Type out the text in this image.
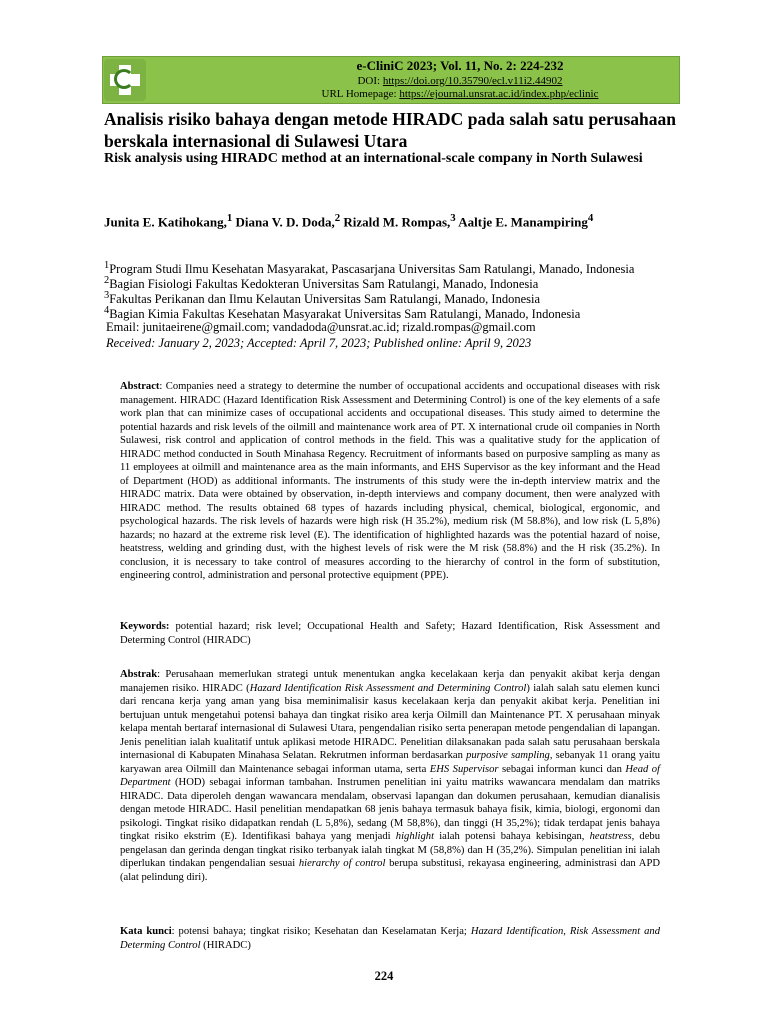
e-CliniC 2023; Vol. 11, No. 2: 224-232
DOI: https://doi.org/10.35790/ecl.v11i2.44902
URL Homepage: https://ejournal.unsrat.ac.id/index.php/eclinic
Analisis risiko bahaya dengan metode HIRADC pada salah satu perusahaan berskala internasional di Sulawesi Utara
Risk analysis using HIRADC method at an international-scale company in North Sulawesi
Junita E. Katihokang,$^1$ Diana V. D. Doda,$^2$ Rizald M. Rompas,$^3$ Aaltje E. Manampiring$^4$
$^1$Program Studi Ilmu Kesehatan Masyarakat, Pascasarjana Universitas Sam Ratulangi, Manado, Indonesia
$^2$Bagian Fisiologi Fakultas Kedokteran Universitas Sam Ratulangi, Manado, Indonesia
$^3$Fakultas Perikanan dan Ilmu Kelautan Universitas Sam Ratulangi, Manado, Indonesia
$^4$Bagian Kimia Fakultas Kesehatan Masyarakat Universitas Sam Ratulangi, Manado, Indonesia
Email: junitaeirene@gmail.com; vandadoda@unsrat.ac.id; rizald.rompas@gmail.com
Received: January 2, 2023; Accepted: April 7, 2023; Published online: April 9, 2023

Abstract: Companies need a strategy to determine the number of occupational accidents and occupational diseases with risk management. HIRADC (Hazard Identification Risk Assessment and Determining Control) is one of the key elements of a safe work plan that can minimize cases of occupational accidents and occupational diseases. This study aimed to determine the potential hazards and risk levels of the oilmill and maintenance work area of PT. X international crude oil companies in North Sulawesi, risk control and application of control methods in the field. This was a qualitative study for the application of HIRADC method conducted in South Minahasa Regency. Recruitment of informants based on purposive sampling as many as 11 employees at oilmill and maintenance area as the main informants, and EHS Supervisor as the key informant and the Head of Department (HOD) as additional informants. The instruments of this study were the in-depth interview matrix and the HIRADC matrix. Data were obtained by observation, in-depth interviews and company document, then were analyzed with HIRADC method. The results obtained 68 types of hazards including physical, chemical, biological, ergonomic, and psychological hazards. The risk levels of hazards were high risk (H 35.2%), medium risk (M 58.8%), and low risk (L 5,8%) hazards; no hazard at the extreme risk level (E). The identification of highlighted hazards was the potential hazard of noise, heatstress, welding and grinding dust, with the highest levels of risk were the M risk (58.8%) and the H risk (35.2%). In conclusion, it is necessary to take control of measures according to the hierarchy of control in the form of substitution, engineering control, administration and personal protective equipment (PPE).

Keywords: potential hazard; risk level; Occupational Health and Safety; Hazard Identification, Risk Assessment and Determing Control (HIRADC)

Abstrak: Perusahaan memerlukan strategi untuk menentukan angka kecelakaan kerja dan penyakit akibat kerja dengan manajemen risiko. HIRADC (Hazard Identification Risk Assessment and Determining Control) ialah salah satu elemen kunci dari rencana kerja yang aman yang bisa meminimalisir kasus kecelakaan kerja dan penyakit akibat kerja. Penelitian ini bertujuan untuk mengetahui potensi bahaya dan tingkat risiko area kerja Oilmill dan Maintenance PT. X perusahaan minyak kelapa mentah bertaraf internasional di Sulawesi Utara, pengendalian risiko serta penerapan metode pengendalian di lapangan. Jenis penelitian ialah kualitatif untuk aplikasi metode HIRADC. Penelitian dilaksanakan pada salah satu perusahaan berskala internasional di Kabupaten Minahasa Selatan. Rekrutmen informan berdasarkan purposive sampling, sebanyak 11 orang yaitu karyawan area Oilmill dan Maintenance sebagai informan utama, serta EHS Supervisor sebagai informan kunci dan Head of Department (HOD) sebagai informan tambahan. Instrumen penelitian ini yaitu matriks wawancara mendalam dan matriks HIRADC. Data diperoleh dengan wawancara mendalam, observasi lapangan dan dokumen perusahaan, kemudian dianalisis dengan metode HIRADC. Hasil penelitian mendapatkan 68 jenis bahaya termasuk bahaya fisik, kimia, biologi, ergonomi dan psikologi. Tingkat risiko didapatkan rendah (L 5,8%), sedang (M 58,8%), dan tinggi (H 35,2%); tidak terdapat jenis bahaya tingkat risiko ekstrim (E). Identifikasi bahaya yang menjadi highlight ialah potensi bahaya kebisingan, heatstress, debu pengelasan dan gerinda dengan tingkat risiko terbanyak ialah tingkat M (58,8%) dan H (35,2%). Simpulan penelitian ini ialah diperlukan tindakan pengendalian sesuai hierarchy of control berupa substitusi, rekayasa engineering, administrasi dan APD (alat pelindung diri).

Kata kunci: potensi bahaya; tingkat risiko; Kesehatan dan Keselamatan Kerja; Hazard Identification, Risk Assessment and Determing Control (HIRADC)

224
